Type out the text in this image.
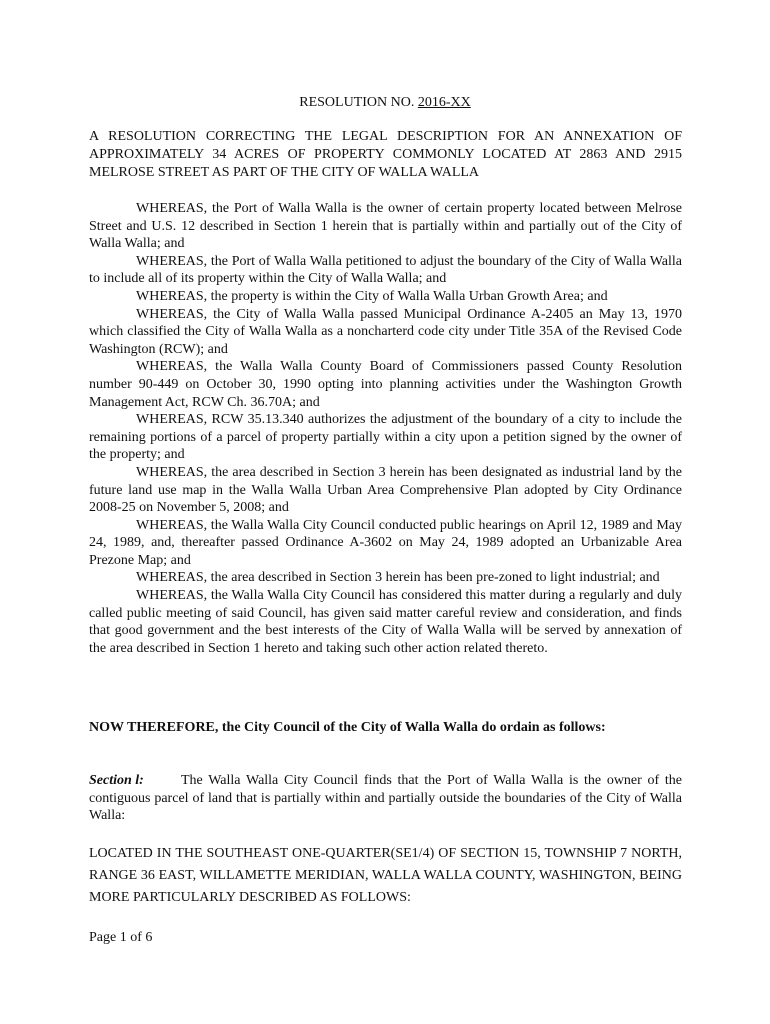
RESOLUTION NO. 2016-XX
A RESOLUTION CORRECTING THE LEGAL DESCRIPTION FOR AN ANNEXATION OF APPROXIMATELY 34 ACRES OF PROPERTY COMMONLY LOCATED AT 2863 AND 2915 MELROSE STREET AS PART OF THE CITY OF WALLA WALLA

WHEREAS, the Port of Walla Walla is the owner of certain property located between Melrose Street and U.S. 12 described in Section 1 herein that is partially within and partially out of the City of Walla Walla; and

WHEREAS, the Port of Walla Walla petitioned to adjust the boundary of the City of Walla Walla to include all of its property within the City of Walla Walla; and

WHEREAS, the property is within the City of Walla Walla Urban Growth Area; and

WHEREAS, the City of Walla Walla passed Municipal Ordinance A-2405 an May 13, 1970 which classified the City of Walla Walla as a noncharterd code city under Title 35A of the Revised Code Washington (RCW); and

WHEREAS, the Walla Walla County Board of Commissioners passed County Resolution number 90-449 on October 30, 1990 opting into planning activities under the Washington Growth Management Act, RCW Ch. 36.70A; and

WHEREAS, RCW 35.13.340 authorizes the adjustment of the boundary of a city to include the remaining portions of a parcel of property partially within a city upon a petition signed by the owner of the property; and

WHEREAS, the area described in Section 3 herein has been designated as industrial land by the future land use map in the Walla Walla Urban Area Comprehensive Plan adopted by City Ordinance 2008-25 on November 5, 2008; and

WHEREAS, the Walla Walla City Council conducted public hearings on April 12, 1989 and May 24, 1989, and, thereafter passed Ordinance A-3602 on May 24, 1989 adopted an Urbanizable Area Prezone Map; and

WHEREAS, the area described in Section 3 herein has been pre-zoned to light industrial; and

WHEREAS, the Walla Walla City Council has considered this matter during a regularly and duly called public meeting of said Council, has given said matter careful review and consideration, and finds that good government and the best interests of the City of Walla Walla will be served by annexation of the area described in Section 1 hereto and taking such other action related thereto.

NOW THEREFORE, the City Council of the City of Walla Walla do ordain as follows:

Section l:	The Walla Walla City Council finds that the Port of Walla Walla is the owner of the contiguous parcel of land that is partially within and partially outside the boundaries of the City of Walla Walla:

LOCATED IN THE SOUTHEAST ONE-QUARTER(SE1/4) OF SECTION 15, TOWNSHIP 7 NORTH, RANGE 36 EAST, WILLAMETTE MERIDIAN, WALLA WALLA COUNTY, WASHINGTON, BEING MORE PARTICULARLY DESCRIBED AS FOLLOWS:

Page 1 of 6
